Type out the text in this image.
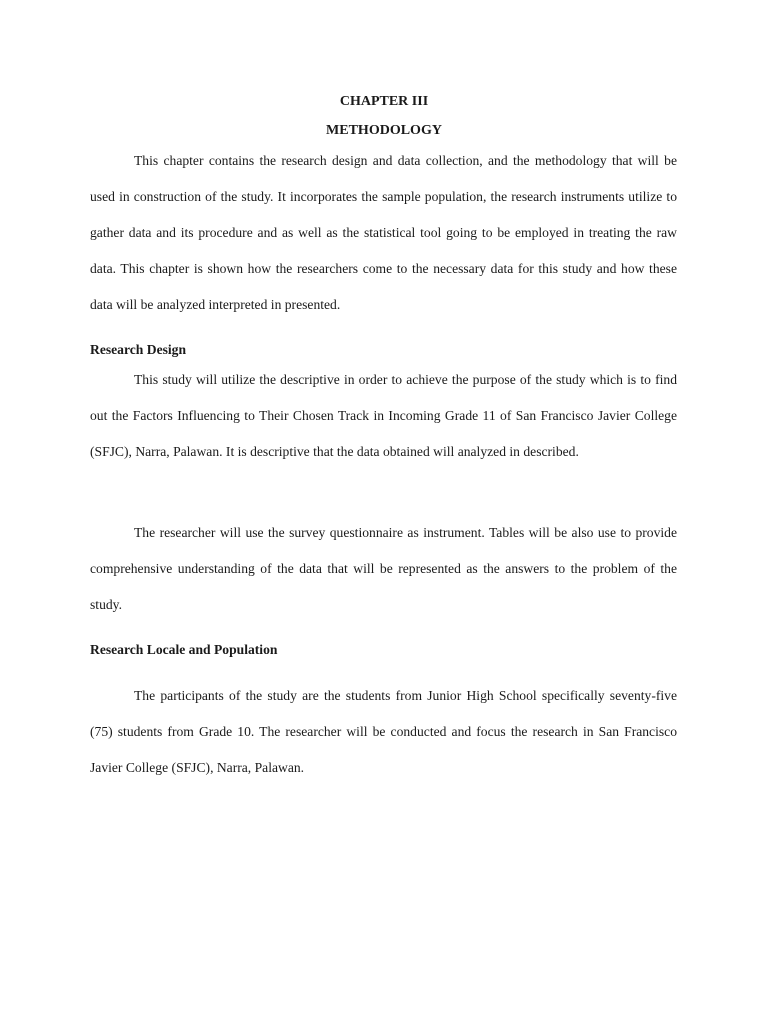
CHAPTER III

METHODOLOGY

This chapter contains the research design and data collection, and the methodology that will be used in construction of the study. It incorporates the sample population, the research instruments utilize to gather data and its procedure and as well as the statistical tool going to be employed in treating the raw data. This chapter is shown how the researchers come to the necessary data for this study and how these data will be analyzed interpreted in presented.

Research Design

This study will utilize the descriptive in order to achieve the purpose of the study which is to find out the Factors Influencing to Their Chosen Track in Incoming Grade 11 of San Francisco Javier College (SFJC), Narra, Palawan. It is descriptive that the data obtained will analyzed in described.

The researcher will use the survey questionnaire as instrument. Tables will be also use to provide comprehensive understanding of the data that will be represented as the answers to the problem of the study.

Research Locale and Population

The participants of the study are the students from Junior High School specifically seventy-five (75) students from Grade 10. The researcher will be conducted and focus the research in San Francisco Javier College (SFJC), Narra, Palawan.
